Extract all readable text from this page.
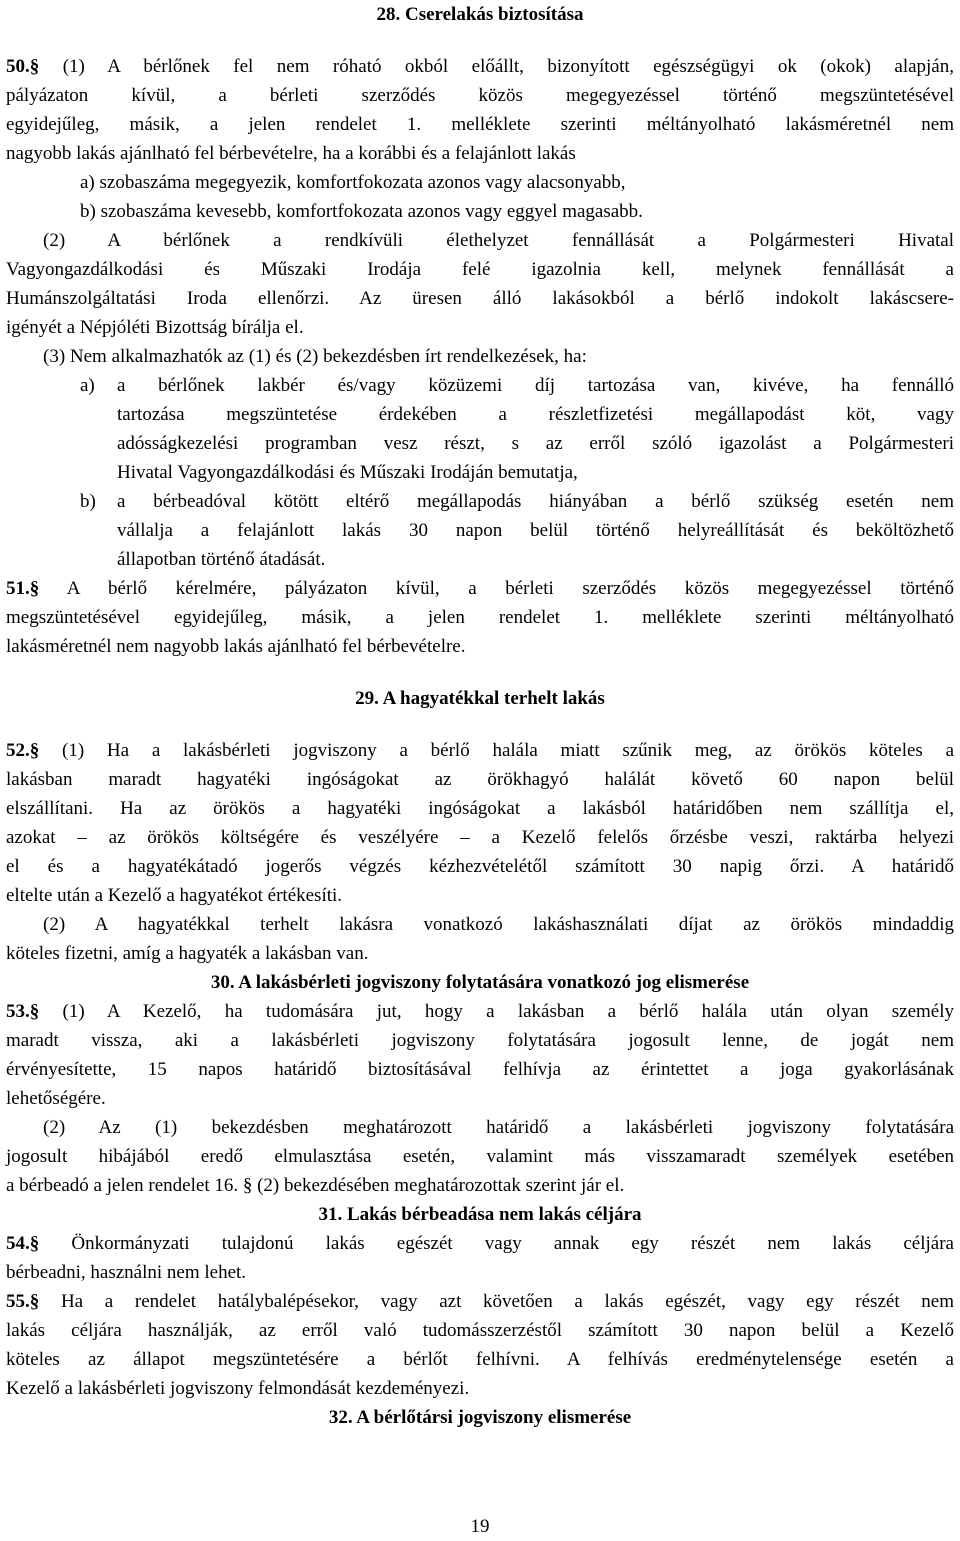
28. Cserelakás biztosítása
50.§ (1) A bérlőnek fel nem róható okból előállt, bizonyított egészségügyi ok (okok) alapján,
pályázaton kívül, a bérleti szerződés közös megegyezéssel történő megszüntetésével
egyidejűleg, másik, a jelen rendelet 1. melléklete szerinti méltányolható lakásméretnél nem
nagyobb lakás ajánlható fel bérbevételre, ha a korábbi és a felajánlott lakás
a) szobaszáma megegyezik, komfortfokozata azonos vagy alacsonyabb,
b) szobaszáma kevesebb, komfortfokozata azonos vagy eggyel magasabb.
(2) A bérlőnek a rendkívüli élethelyzet fennállását a Polgármesteri Hivatal
Vagyongazdálkodási és Műszaki Irodája felé igazolnia kell, melynek fennállását a
Humánszolgáltatási Iroda ellenőrzi. Az üresen álló lakásokból a bérlő indokolt lakáscsere-
igényét a Népjóléti Bizottság bírálja el.
(3) Nem alkalmazhatók az (1) és (2) bekezdésben írt rendelkezések, ha:
a)	a bérlőnek lakbér és/vagy közüzemi díj tartozása van, kivéve, ha fennálló
tartozása megszüntetése érdekében a részletfizetési megállapodást köt, vagy
adósságkezelési programban vesz részt, s az erről szóló igazolást a Polgármesteri
Hivatal Vagyongazdálkodási és Műszaki Irodáján bemutatja,
b)	a bérbeadóval kötött eltérő megállapodás hiányában a bérlő szükség esetén nem
vállalja a felajánlott lakás 30 napon belül történő helyreállítását és beköltözhető
állapotban történő átadását.
51.§ A bérlő kérelmére, pályázaton kívül, a bérleti szerződés közös megegyezéssel történő
megszüntetésével egyidejűleg, másik, a jelen rendelet 1. melléklete szerinti méltányolható
lakásméretnél nem nagyobb lakás ajánlható fel bérbevételre.
29. A hagyatékkal terhelt lakás
52.§ (1) Ha a lakásbérleti jogviszony a bérlő halála miatt szűnik meg, az örökös köteles a
lakásban maradt hagyatéki ingóságokat az örökhagyó halálát követő 60 napon belül
elszállítani. Ha az örökös a hagyatéki ingóságokat a lakásból határidőben nem szállítja el,
azokat – az örökös költségére és veszélyére – a Kezelő felelős őrzésbe veszi, raktárba helyezi
el és a hagyatékátadó jogerős végzés kézhezvételétől számított 30 napig őrzi. A határidő
eltelte után a Kezelő a hagyatékot értékesíti.
(2) A hagyatékkal terhelt lakásra vonatkozó lakáshasználati díjat az örökös mindaddig
köteles fizetni, amíg a hagyaték a lakásban van.
30. A lakásbérleti jogviszony folytatására vonatkozó jog elismerése
53.§ (1) A Kezelő, ha tudomására jut, hogy a lakásban a bérlő halála után olyan személy
maradt vissza, aki a lakásbérleti jogviszony folytatására jogosult lenne, de jogát nem
érvényesítette, 15 napos határidő biztosításával felhívja az érintettet a joga gyakorlásának
lehetőségére.
(2) Az (1) bekezdésben meghatározott határidő a lakásbérleti jogviszony folytatására
jogosult hibájából eredő elmulasztása esetén, valamint más visszamaradt személyek esetében
a bérbeadó a jelen rendelet 16. § (2) bekezdésében meghatározottak szerint jár el.
31. Lakás bérbeadása nem lakás céljára
54.§ Önkormányzati tulajdonú lakás egészét vagy annak egy részét nem lakás céljára
bérbeadni, használni nem lehet.
55.§ Ha a rendelet hatálybalépésekor, vagy azt követően a lakás egészét, vagy egy részét nem
lakás céljára használják, az erről való tudomásszerzéstől számított 30 napon belül a Kezelő
köteles az állapot megszüntetésére a bérlőt felhívni. A felhívás eredménytelensége esetén a
Kezelő a lakásbérleti jogviszony felmondását kezdeményezi.
32. A bérlőtársi jogviszony elismerése
19
